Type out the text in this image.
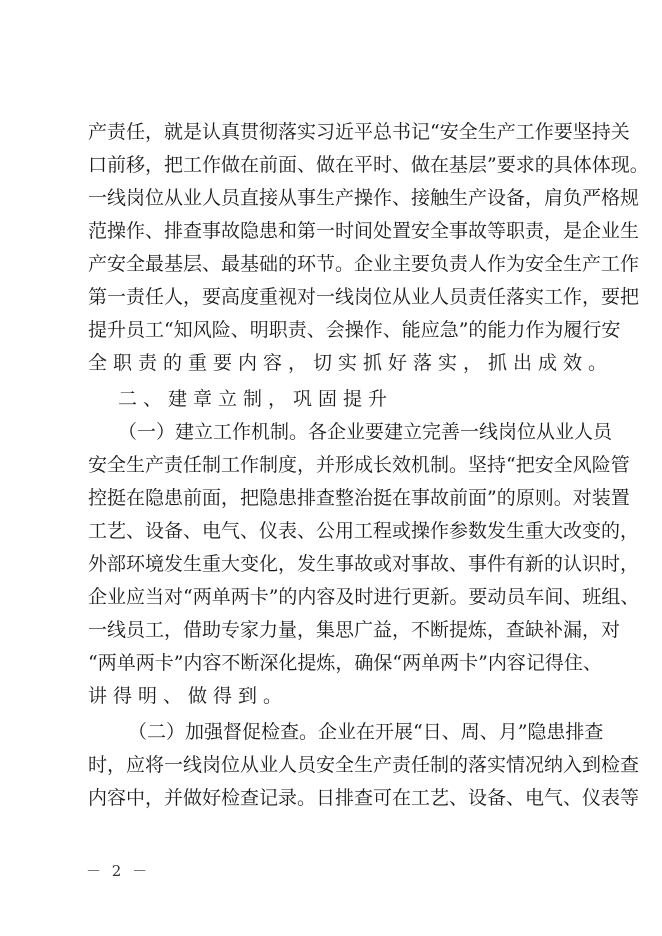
产责任，就是认真贯彻落实习近平总书记“安全生产工作要坚持关
口前移，把工作做在前面、做在平时、做在基层”要求的具体体现。
一线岗位从业人员直接从事生产操作、接触生产设备，肩负严格规
范操作、排查事故隐患和第一时间处置安全事故等职责，是企业生
产安全最基层、最基础的环节。企业主要负责人作为安全生产工作
第一责任人，要高度重视对一线岗位从业人员责任落实工作，要把
提升员工“知风险、明职责、会操作、能应急”的能力作为履行安
全职责的重要内容，切实抓好落实，抓出成效。
二、建章立制，巩固提升
（一）建立工作机制。各企业要建立完善一线岗位从业人员
安全生产责任制工作制度，并形成长效机制。坚持“把安全风险管
控挺在隐患前面，把隐患排查整治挺在事故前面”的原则。对装置
工艺、设备、电气、仪表、公用工程或操作参数发生重大改变的，
外部环境发生重大变化，发生事故或对事故、事件有新的认识时，
企业应当对“两单两卡”的内容及时进行更新。要动员车间、班组、
一线员工，借助专家力量，集思广益，不断提炼，查缺补漏，对
“两单两卡”内容不断深化提炼，确保“两单两卡”内容记得住、
讲得明、做得到。
（二）加强督促检查。企业在开展“日、周、月”隐患排查
时，应将一线岗位从业人员安全生产责任制的落实情况纳入到检查
内容中，并做好检查记录。日排查可在工艺、设备、电气、仪表等
－ 2 －
